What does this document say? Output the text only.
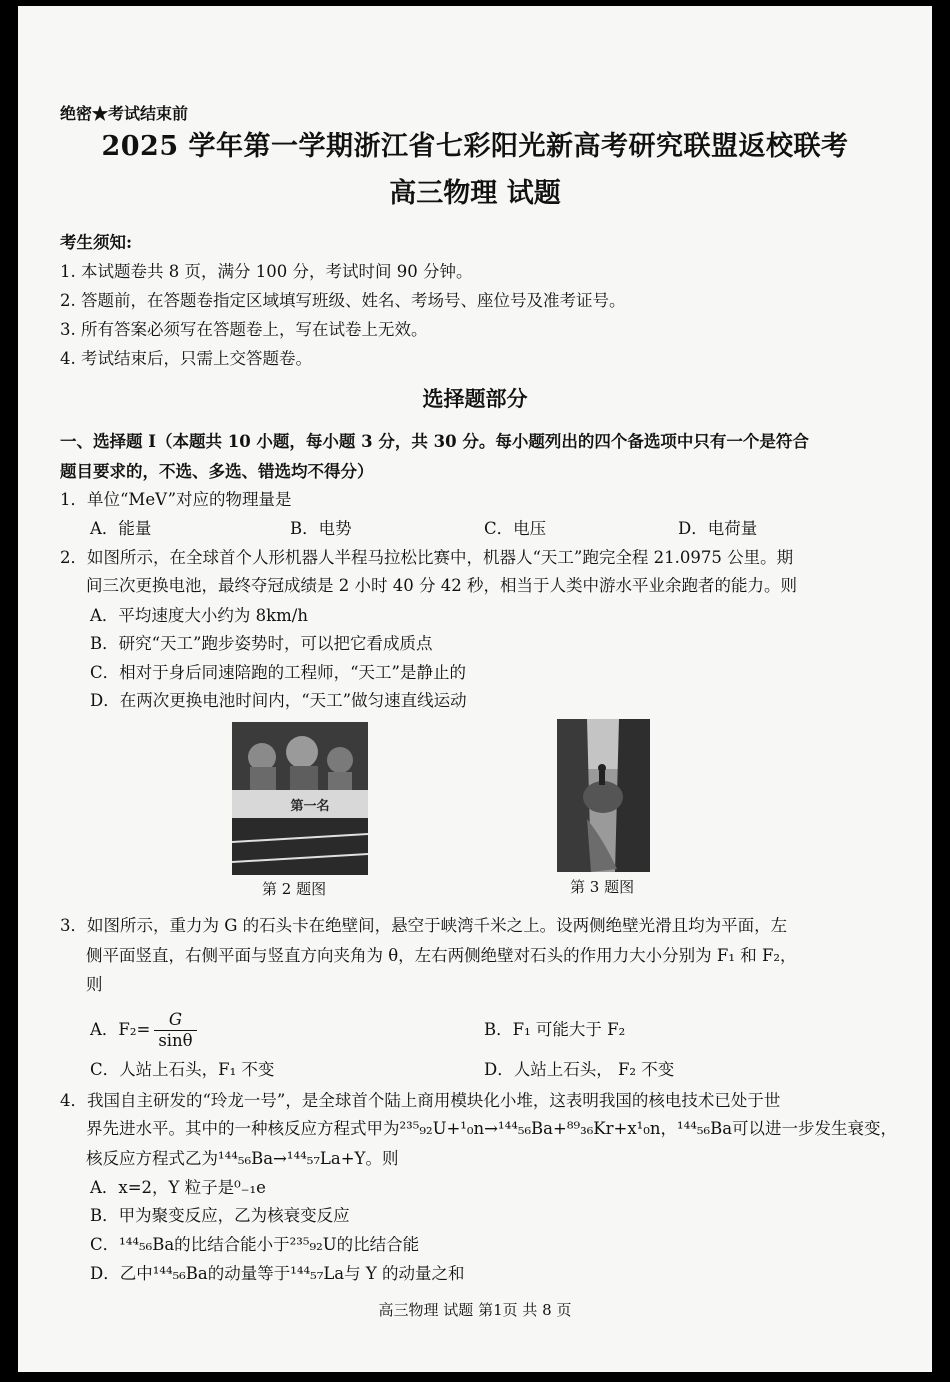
绝密★考试结束前
2025 学年第一学期浙江省七彩阳光新高考研究联盟返校联考
高三物理 试题
考生须知:
1. 本试题卷共 8 页，满分 100 分，考试时间 90 分钟。
2. 答题前，在答题卷指定区域填写班级、姓名、考场号、座位号及准考证号。
3. 所有答案必须写在答题卷上，写在试卷上无效。
4. 考试结束后，只需上交答题卷。
选择题部分
一、选择题 I（本题共 10 小题，每小题 3 分，共 30 分。每小题列出的四个备选项中只有一个是符合
题目要求的，不选、多选、错选均不得分）
1．单位“MeV”对应的物理量是
A．能量	B．电势	C．电压	D．电荷量
2．如图所示，在全球首个人形机器人半程马拉松比赛中，机器人“天工”跑完全程 21.0975 公里。期
间三次更换电池，最终夺冠成绩是 2 小时 40 分 42 秒，相当于人类中游水平业余跑者的能力。则
A．平均速度大小约为 8km/h
B．研究“天工”跑步姿势时，可以把它看成质点
C．相对于身后同速陪跑的工程师，“天工”是静止的
D．在两次更换电池时间内，“天工”做匀速直线运动
第一名
第 2 题图	第 3 题图
3．如图所示，重力为 G 的石头卡在绝壁间，悬空于峡湾千米之上。设两侧绝壁光滑且均为平面，左
侧平面竖直，右侧平面与竖直方向夹角为 θ，左右两侧绝壁对石头的作用力大小分别为 F₁ 和 F₂，
则
A．$F_2= \frac{G}{\sin\theta}$	B．F₁ 可能大于 F₂
C．人站上石头，F₁ 不变	D．人站上石头， F₂ 不变
4．我国自主研发的“玲龙一号”，是全球首个陆上商用模块化小堆，这表明我国的核电技术已处于世
界先进水平。其中的一种核反应方程式甲为²³⁵₉₂U+¹₀n→¹⁴⁴₅₆Ba+⁸⁹₃₆Kr+x¹₀n，¹⁴⁴₅₆Ba可以进一步发生衰变，
核反应方程式乙为¹⁴⁴₅₆Ba→¹⁴⁴₅₇La+Y。则
A．x=2，Y 粒子是⁰₋₁e
B．甲为聚变反应，乙为核衰变反应
C．¹⁴⁴₅₆Ba的比结合能小于²³⁵₉₂U的比结合能
D．乙中¹⁴⁴₅₆Ba的动量等于¹⁴⁴₅₇La与 Y 的动量之和
高三物理 试题 第1页 共 8 页
